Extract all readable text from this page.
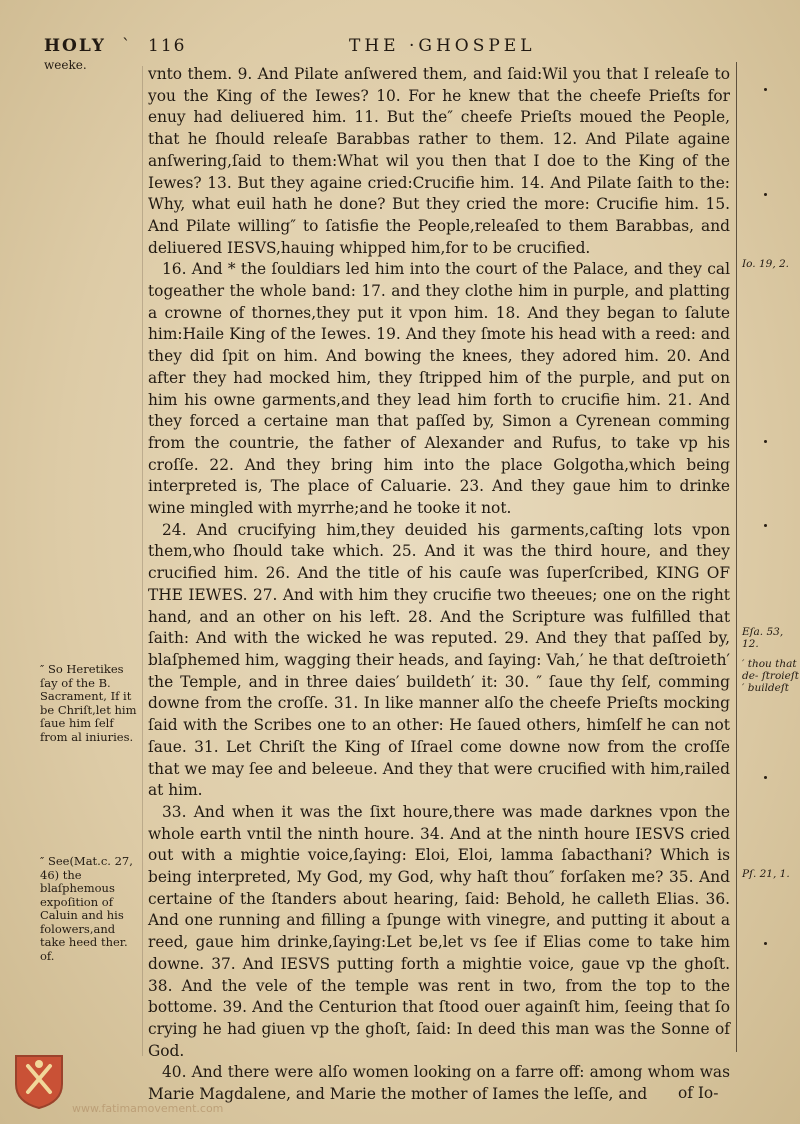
HOLY ` 116	THE ·GHOSPEL
weeke.	vnto them. 9. And Pilate anſwered them, and ſaid:Wil you that I releaſe to you the King of the Iewes? 10. For he knew that the cheefe Prieſts for enuy had deliuered him. 11. But the″ cheefe Prieſts moued the People, that he ſhould releaſe Barabbas rather to them. 12. And Pilate againe anſwering,ſaid to them:What wil you then that I doe to the King of the Iewes? 13. But they againe cried:Crucifie him. 14. And Pilate ſaith to the: Why, what euil hath he done? But they cried the more: Crucifie him. 15. And Pilate willing″ to ſatisfie the People,releaſed to them Barabbas, and deliuered IESVS,hauing whipped him,for to be crucified.

16. And * the ſouldiars led him into the court of the Palace, and they cal togeather the whole band: 17. and they clothe him in purple, and platting a crowne of thornes,they put it vpon him. 18. And they began to ſalute him:Haile King of the Iewes. 19. And they ſmote his head with a reed: and they did ſpit on him. And bowing the knees, they adored him. 20. And after they had mocked him, they ſtripped him of the purple, and put on him his owne garments,and they lead him forth to crucifie him. 21. And they forced a certaine man that paſſed by, Simon a Cyrenean comming from the countrie, the father of Alexander and Rufus, to take vp his croſſe. 22. And they bring him into the place Golgotha,which being interpreted is, The place of Caluarie. 23. And they gaue him to drinke wine mingled with myrrhe;and he tooke it not.

24. And crucifying him,they deuided his garments,caſting lots vpon them,who ſhould take which. 25. And it was the third houre, and they crucified him. 26. And the title of his cauſe was ſuperſcribed, KING OF THE IEWES. 27. And with him they crucifie two theeues; one on the right hand, and an other on his left. 28. And the Scripture was fulfilled that ſaith: And with the wicked he was reputed. 29. And they that paſſed by, blaſphemed him, wagging their heads, and ſaying: Vah,′ he that deſtroieth′ the Temple, and in three daies′ buildeth′ it: 30. ″ ſaue thy ſelf, comming downe from the croſſe. 31. In like manner alſo the cheefe Prieſts mocking ſaid with the Scribes one to an other: He ſaued others, himſelf he can not ſaue. 31. Let Chriſt the King of Iſrael come downe now from the croſſe that we may ſee and beleeue. And they that were crucified with him,railed at him.

33. And when it was the ſixt houre,there was made darknes vpon the whole earth vntil the ninth houre. 34. And at the ninth houre IESVS cried out with a mightie voice,ſaying: Eloi, Eloi, lamma ſabacthani? Which is being interpreted, My God, my God, why haſt thou″ forſaken me? 35. And certaine of the ſtanders about hearing, ſaid: Behold, he calleth Elias. 36. And one running and filling a ſpunge with vinegre, and putting it about a reed, gaue him drinke,ſaying:Let be,let vs ſee if Elias come to take him downe. 37. And IESVS putting forth a mightie voice, gaue vp the ghoſt. 38. And the vele of the temple was rent in two, from the top to the bottome. 39. And the Centurion that ſtood ouer againſt him, ſeeing that ſo crying he had giuen vp the ghoſt, ſaid: In deed this man was the Sonne of God.

40. And there were alſo women looking on a farre off: among whom was Marie Magdalene, and Marie the mother of Iames the leſſe, and

″ So Heretikes ſay of the B. Sacrament, If it be Chriſt,let him ſaue him ſelf from al iniuries.
″ See(Mat.c. 27, 46) the blaſphemous expoſition of Caluin and his folowers,and take heed ther. of.
Io. 19, 2.
Eſa. 53, 12.
′ thou that de- ſtroieſt ′ buildeſt
Pſ. 21, 1.
of Io-
www.fatimamovement.com
